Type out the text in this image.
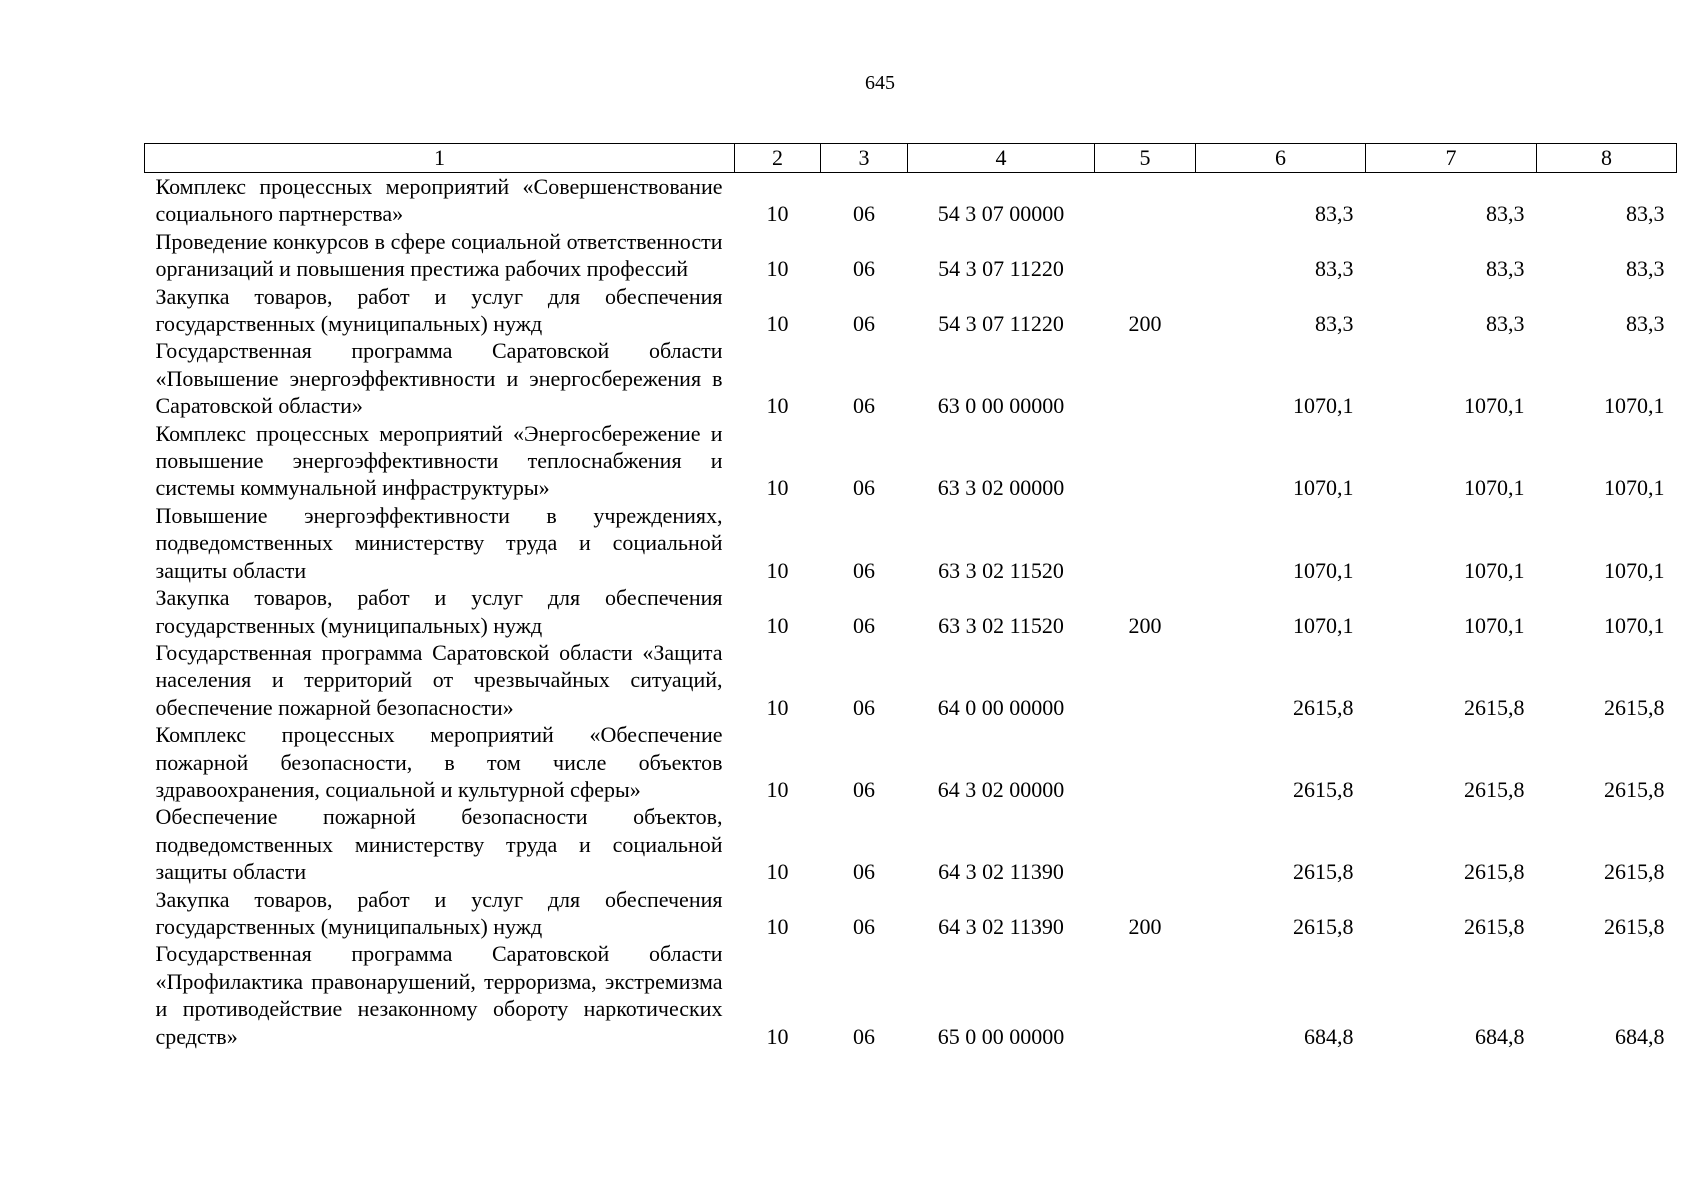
645
1	2	3	4	5	6	7	8
Комплекс процессных мероприятий «Совершенствование социального партнерства»	10	06	54 3 07 00000		83,3	83,3	83,3
Проведение конкурсов в сфере социальной ответственности организаций и повышения престижа рабочих профессий	10	06	54 3 07 11220		83,3	83,3	83,3
Закупка товаров, работ и услуг для обеспечения государственных (муниципальных) нужд	10	06	54 3 07 11220	200	83,3	83,3	83,3
Государственная программа Саратовской области «Повышение энергоэффективности и энергосбережения в Саратовской области»	10	06	63 0 00 00000		1070,1	1070,1	1070,1
Комплекс процессных мероприятий «Энергосбережение и повышение энергоэффективности теплоснабжения и системы коммунальной инфраструктуры»	10	06	63 3 02 00000		1070,1	1070,1	1070,1
Повышение энергоэффективности в учреждениях, подведомственных министерству труда и социальной защиты области	10	06	63 3 02 11520		1070,1	1070,1	1070,1
Закупка товаров, работ и услуг для обеспечения государственных (муниципальных) нужд	10	06	63 3 02 11520	200	1070,1	1070,1	1070,1
Государственная программа Саратовской области «Защита населения и территорий от чрезвычайных ситуаций, обеспечение пожарной безопасности»	10	06	64 0 00 00000		2615,8	2615,8	2615,8
Комплекс процессных мероприятий «Обеспечение пожарной безопасности, в том числе объектов здравоохранения, социальной и культурной сферы»	10	06	64 3 02 00000		2615,8	2615,8	2615,8
Обеспечение пожарной безопасности объектов, подведомственных министерству труда и социальной защиты области	10	06	64 3 02 11390		2615,8	2615,8	2615,8
Закупка товаров, работ и услуг для обеспечения государственных (муниципальных) нужд	10	06	64 3 02 11390	200	2615,8	2615,8	2615,8
Государственная программа Саратовской области «Профилактика правонарушений, терроризма, экстремизма и противодействие незаконному обороту наркотических средств»	10	06	65 0 00 00000		684,8	684,8	684,8
